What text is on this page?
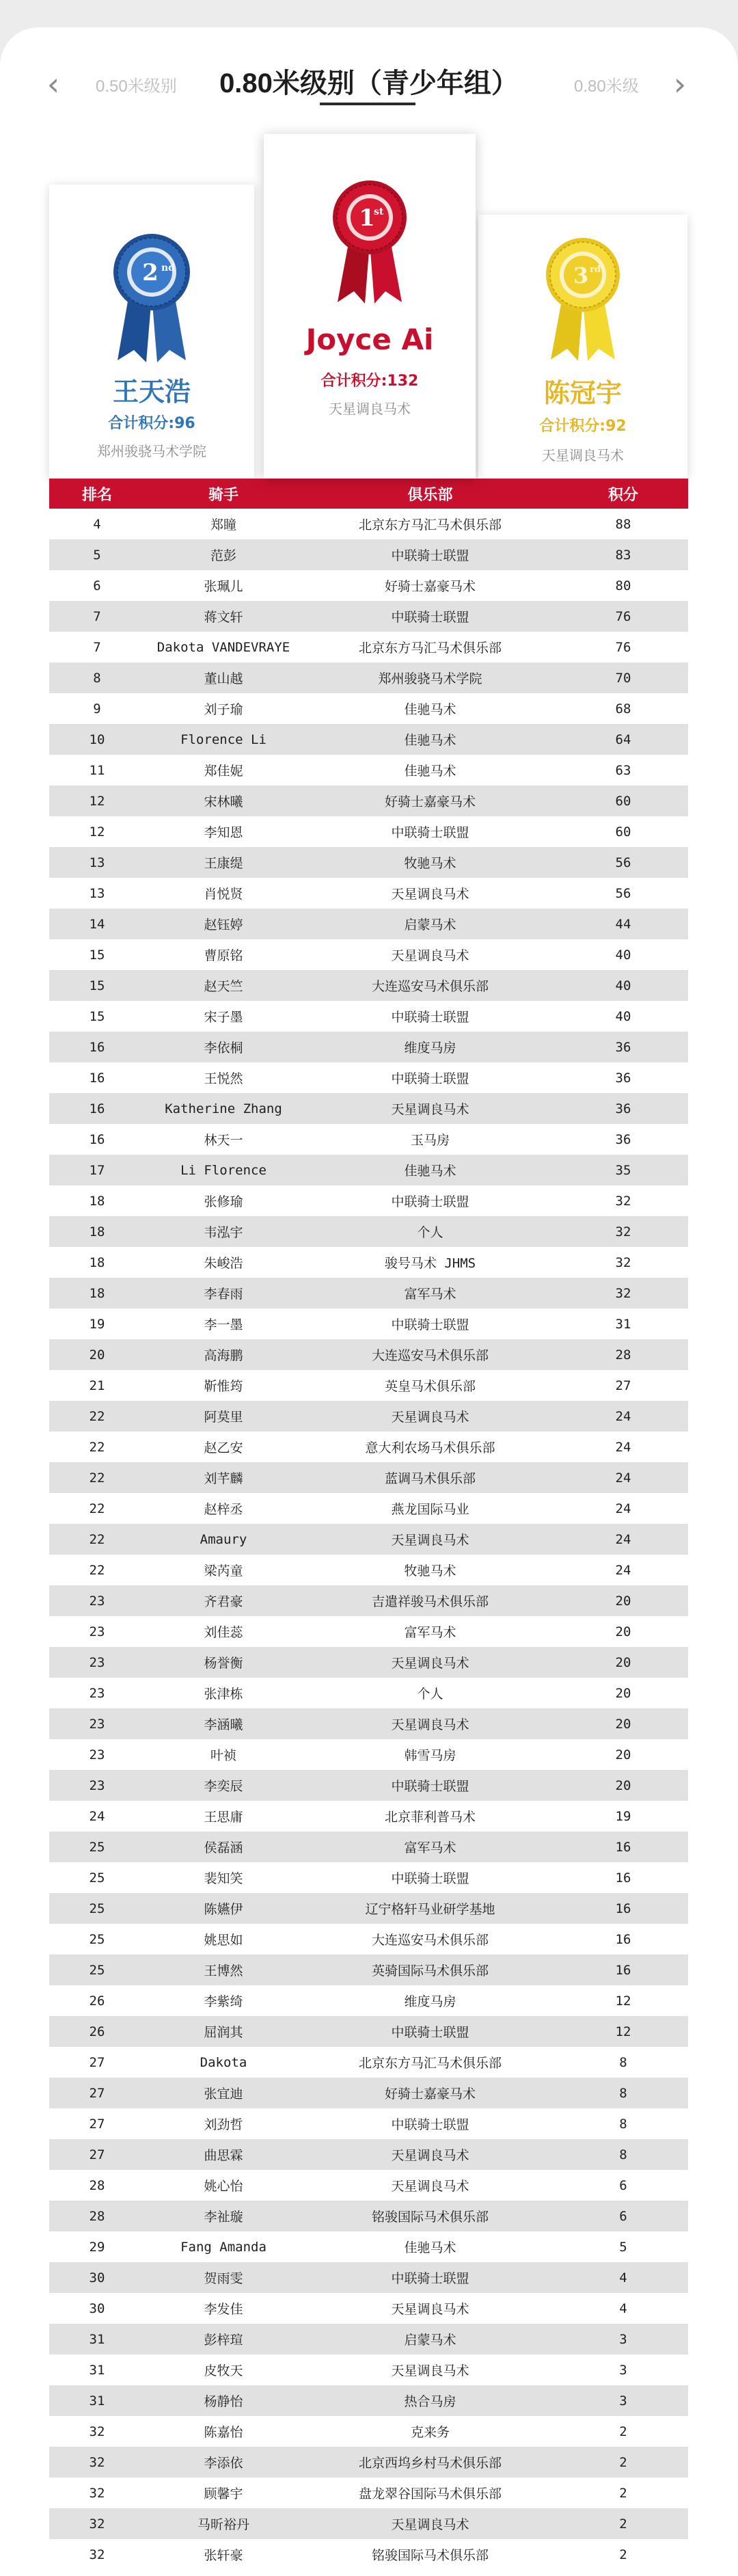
‹	0.50米级别	0.80米级别（青少年组）	0.80米级 ›
2 nd
王天浩
合计积分:96
郑州骏骁马术学院
1
st
Joyce Ai
合计积分:132
天星调良马术
3 rd
陈冠宇
合计积分:92
天星调良马术
排名	骑手	俱乐部	积分
4	郑瞳	北京东方马汇马术俱乐部	88
5	范彭	中联骑士联盟	83
6	张珮儿	好骑士嘉豪马术	80
7	蒋文轩	中联骑士联盟	76
7	Dakota VANDEVRAYE	北京东方马汇马术俱乐部	76
8	董山越	郑州骏骁马术学院	70
9	刘子瑜	佳驰马术	68
10	Florence Li	佳驰马术	64
11	郑佳妮	佳驰马术	63
12	宋林曦	好骑士嘉豪马术	60
12	李知恩	中联骑士联盟	60
13	王康缇	牧驰马术	56
13	肖悦贤	天星调良马术	56
14	赵钰婷	启蒙马术	44
15	曹原铭	天星调良马术	40
15	赵天竺	大连巡安马术俱乐部	40
15	宋子墨	中联骑士联盟	40
16	李依桐	维度马房	36
16	王悦然	中联骑士联盟	36
16	Katherine Zhang	天星调良马术	36
16	林天一	玉马房	36
17	Li Florence	佳驰马术	35
18	张修瑜	中联骑士联盟	32
18	韦泓宇	个人	32
18	朱峻浩	骏号马术 JHMS	32
18	李春雨	富军马术	32
19	李一墨	中联骑士联盟	31
20	高海鹏	大连巡安马术俱乐部	28
21	靳惟筠	英皇马术俱乐部	27
22	阿莫里	天星调良马术	24
22	赵乙安	意大利农场马术俱乐部	24
22	刘芊麟	蓝调马术俱乐部	24
22	赵梓丞	燕龙国际马业	24
22	Amaury	天星调良马术	24
22	梁芮童	牧驰马术	24
23	齐君豪	吉遣祥骏马术俱乐部	20
23	刘佳蕊	富军马术	20
23	杨誉衡	天星调良马术	20
23	张津栋	个人	20
23	李涵曦	天星调良马术	20
23	叶祯	韩雪马房	20
23	李奕辰	中联骑士联盟	20
24	王思庸	北京菲利普马术	19
25	侯磊涵	富军马术	16
25	裴知笑	中联骑士联盟	16
25	陈嬿伊	辽宁格轩马业研学基地	16
25	姚思如	大连巡安马术俱乐部	16
25	王博然	英骑国际马术俱乐部	16
26	李紫绮	维度马房	12
26	屈润其	中联骑士联盟	12
27	Dakota	北京东方马汇马术俱乐部	8
27	张宜迪	好骑士嘉豪马术	8
27	刘劲哲	中联骑士联盟	8
27	曲思霖	天星调良马术	8
28	姚心怡	天星调良马术	6
28	李祉璇	铭骏国际马术俱乐部	6
29	Fang Amanda	佳驰马术	5
30	贺雨雯	中联骑士联盟	4
30	李发佳	天星调良马术	4
31	彭梓瑄	启蒙马术	3
31	皮牧天	天星调良马术	3
31	杨静怡	热合马房	3
32	陈嘉怡	克来务	2
32	李添依	北京西坞乡村马术俱乐部	2
32	顾馨宇	盘龙翠谷国际马术俱乐部	2
32	马昕裕丹	天星调良马术	2
32	张轩豪	铭骏国际马术俱乐部	2
